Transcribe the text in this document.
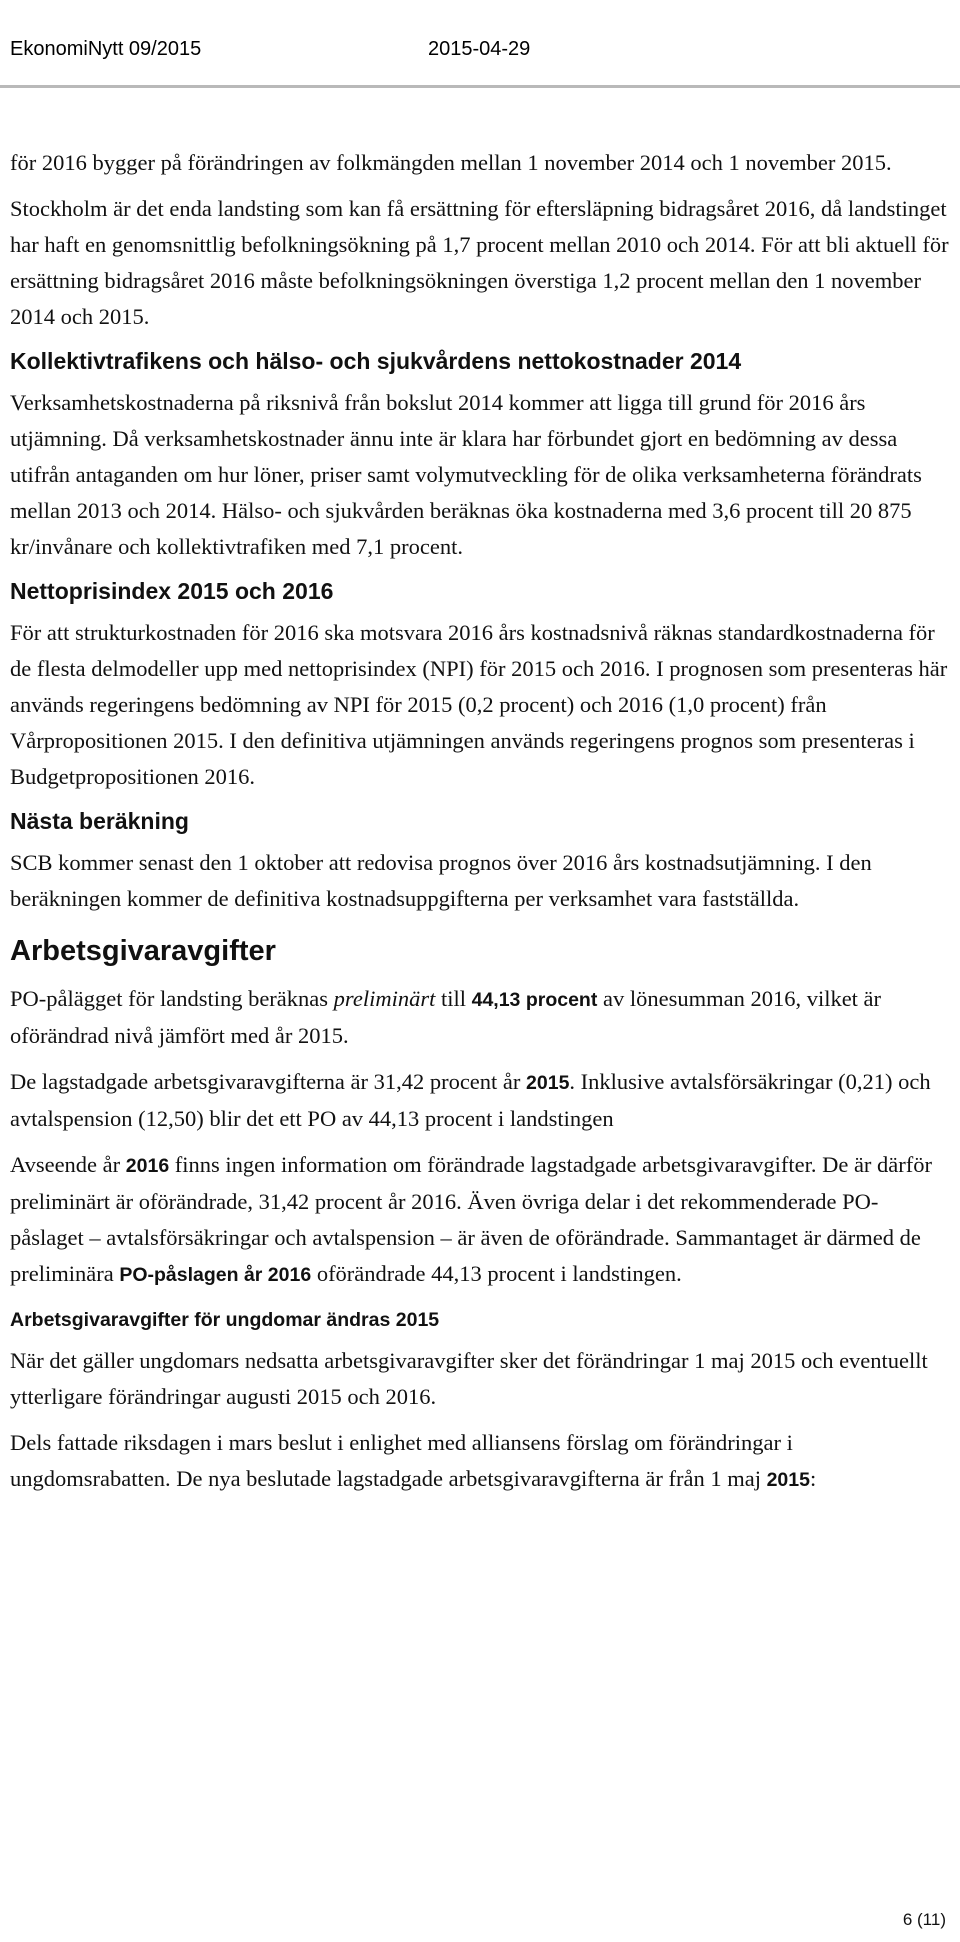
EkonomiNytt 09/2015	2015-04-29

för 2016 bygger på förändringen av folkmängden mellan 1 november 2014 och 1 november 2015.

Stockholm är det enda landsting som kan få ersättning för eftersläpning bidragsåret 2016, då landstinget har haft en genomsnittlig befolkningsökning på 1,7 procent mellan 2010 och 2014. För att bli aktuell för ersättning bidragsåret 2016 måste befolkningsökningen överstiga 1,2 procent mellan den 1 november 2014 och 2015.

Kollektivtrafikens och hälso- och sjukvårdens nettokostnader 2014

Verksamhetskostnaderna på riksnivå från bokslut 2014 kommer att ligga till grund för 2016 års utjämning. Då verksamhetskostnader ännu inte är klara har förbundet gjort en bedömning av dessa utifrån antaganden om hur löner, priser samt volymutveckling för de olika verksamheterna förändrats mellan 2013 och 2014. Hälso- och sjukvården beräknas öka kostnaderna med 3,6 procent till 20 875 kr/invånare och kollektivtrafiken med 7,1 procent.

Nettoprisindex 2015 och 2016

För att strukturkostnaden för 2016 ska motsvara 2016 års kostnadsnivå räknas standardkostnaderna för de flesta delmodeller upp med nettoprisindex (NPI) för 2015 och 2016. I prognosen som presenteras här används regeringens bedömning av NPI för 2015 (0,2 procent) och 2016 (1,0 procent) från Vårpropositionen 2015. I den definitiva utjämningen används regeringens prognos som presenteras i Budgetpropositionen 2016.

Nästa beräkning

SCB kommer senast den 1 oktober att redovisa prognos över 2016 års kostnadsutjämning. I den beräkningen kommer de definitiva kostnadsuppgifterna per verksamhet vara fastställda.

Arbetsgivaravgifter

PO-pålägget för landsting beräknas preliminärt till 44,13 procent av lönesumman 2016, vilket är oförändrad nivå jämfört med år 2015.

De lagstadgade arbetsgivaravgifterna är 31,42 procent år 2015. Inklusive avtalsförsäkringar (0,21) och avtalspension (12,50) blir det ett PO av 44,13 procent i landstingen

Avseende år 2016 finns ingen information om förändrade lagstadgade arbetsgivaravgifter. De är därför preliminärt är oförändrade, 31,42 procent år 2016. Även övriga delar i det rekommenderade PO-påslaget – avtalsförsäkringar och avtalspension – är även de oförändrade. Sammantaget är därmed de preliminära PO-påslagen år 2016 oförändrade 44,13 procent i landstingen.

Arbetsgivaravgifter för ungdomar ändras 2015

När det gäller ungdomars nedsatta arbetsgivaravgifter sker det förändringar 1 maj 2015 och eventuellt ytterligare förändringar augusti 2015 och 2016.

Dels fattade riksdagen i mars beslut i enlighet med alliansens förslag om förändringar i ungdomsrabatten. De nya beslutade lagstadgade arbetsgivaravgifterna är från 1 maj 2015:

6 (11)
